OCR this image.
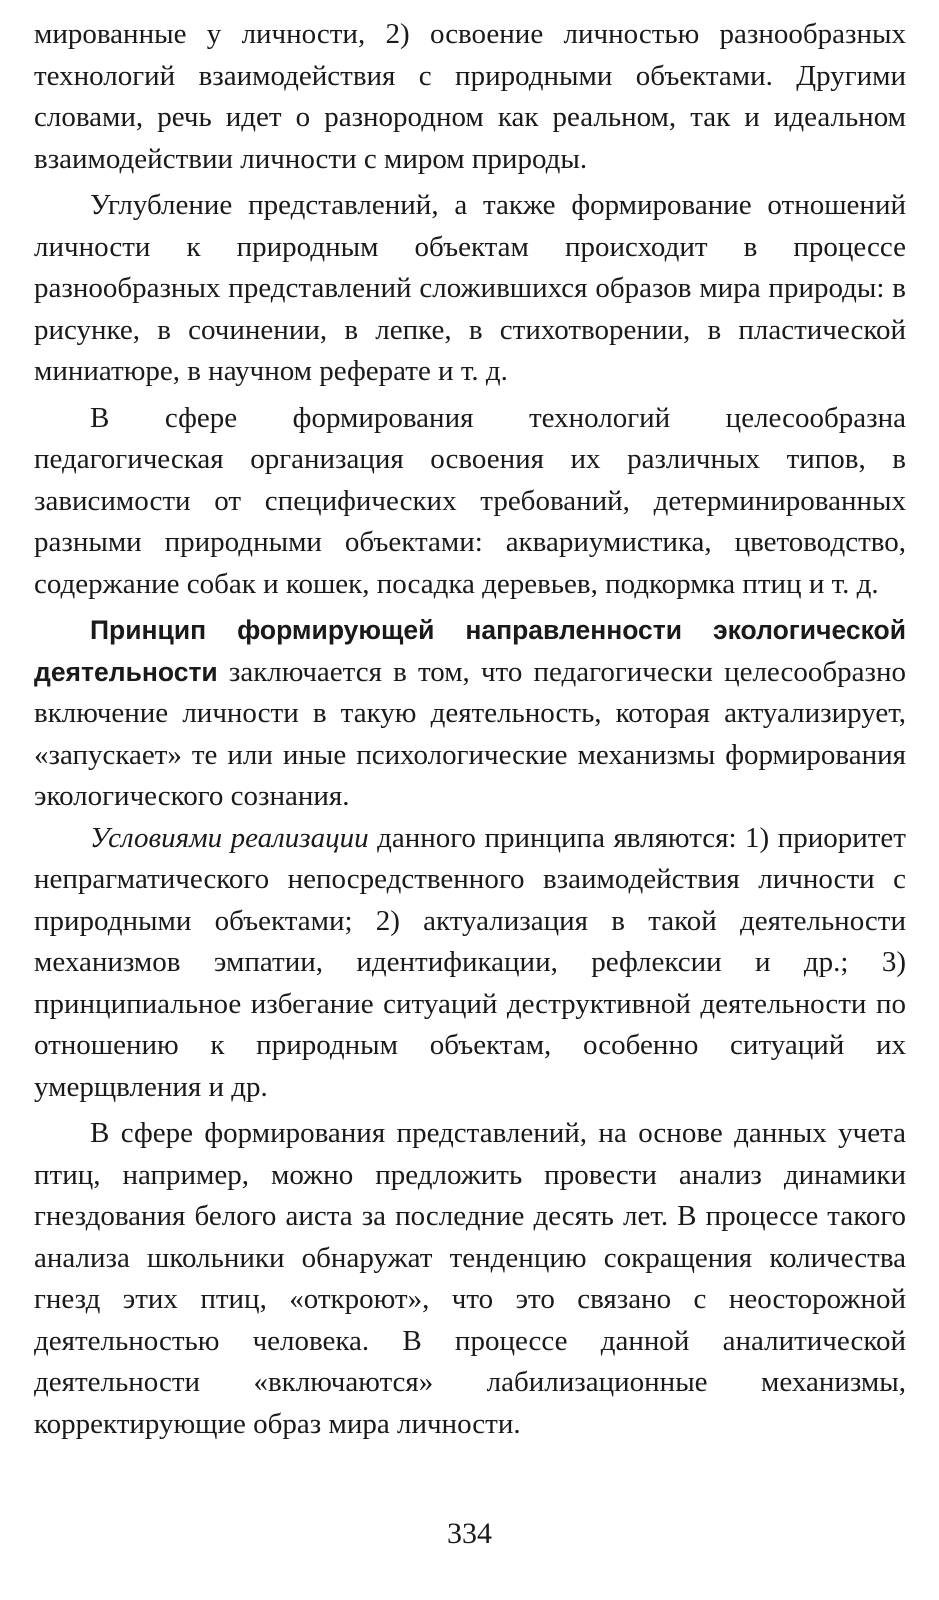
мированные у личности, 2) освоение личностью разнообразных технологий взаимодействия с природными объектами. Другими словами, речь идет о разнородном как реальном, так и идеальном взаимодействии личности с миром природы.

Углубление представлений, а также формирование отношений личности к природным объектам происходит в процессе разнообразных представлений сложившихся образов мира природы: в рисунке, в сочинении, в лепке, в стихотворении, в пластической миниатюре, в научном реферате и т. д.

В сфере формирования технологий целесообразна педагогическая организация освоения их различных типов, в зависимости от специфических требований, детерминированных разными природными объектами: аквариумистика, цветоводство, содержание собак и кошек, посадка деревьев, подкормка птиц и т. д.

Принцип формирующей направленности экологической деятельности заключается в том, что педагогически целесообразно включение личности в такую деятельность, которая актуализирует, «запускает» те или иные психологические механизмы формирования экологического сознания.

Условиями реализации данного принципа являются: 1) приоритет непрагматического непосредственного взаимодействия личности с природными объектами; 2) актуализация в такой деятельности механизмов эмпатии, идентификации, рефлексии и др.; 3) принципиальное избегание ситуаций деструктивной деятельности по отношению к природным объектам, особенно ситуаций их умерщвления и др.

В сфере формирования представлений, на основе данных учета птиц, например, можно предложить провести анализ динамики гнездования белого аиста за последние десять лет. В процессе такого анализа школьники обнаружат тенденцию сокращения количества гнезд этих птиц, «откроют», что это связано с неосторожной деятельностью человека. В процессе данной аналитической деятельности «включаются» лабилизационные механизмы, корректирующие образ мира личности.

334
